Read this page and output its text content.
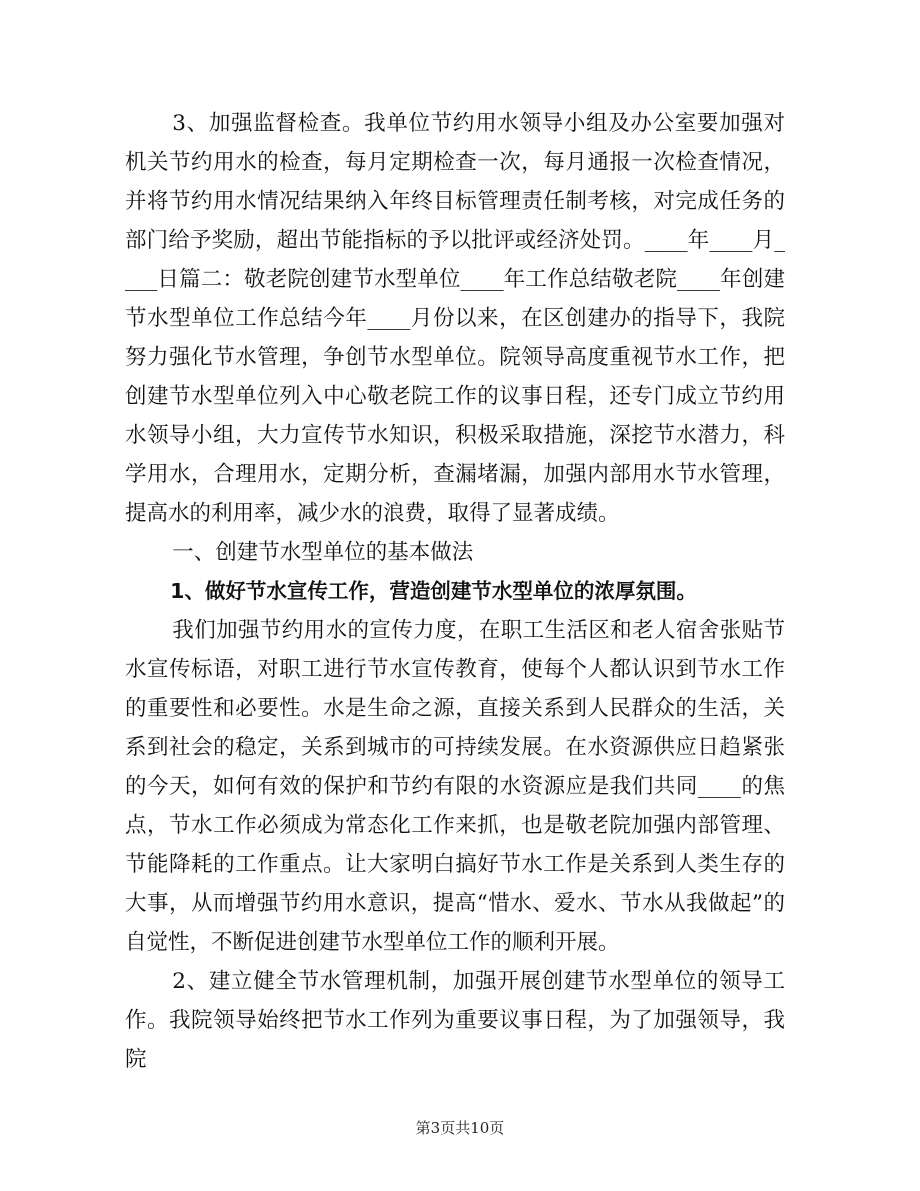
3、加强监督检查。我单位节约用水领导小组及办公室要加强对机关节约用水的检查，每月定期检查一次，每月通报一次检查情况，并将节约用水情况结果纳入年终目标管理责任制考核，对完成任务的部门给予奖励，超出节能指标的予以批评或经济处罚。____年____月____日篇二：敬老院创建节水型单位____年工作总结敬老院____年创建节水型单位工作总结今年____月份以来，在区创建办的指导下，我院努力强化节水管理，争创节水型单位。院领导高度重视节水工作，把创建节水型单位列入中心敬老院工作的议事日程，还专门成立节约用水领导小组，大力宣传节水知识，积极采取措施，深挖节水潜力，科学用水，合理用水，定期分析，查漏堵漏，加强内部用水节水管理，提高水的利用率，减少水的浪费，取得了显著成绩。

一、创建节水型单位的基本做法

1、做好节水宣传工作，营造创建节水型单位的浓厚氛围。

我们加强节约用水的宣传力度，在职工生活区和老人宿舍张贴节水宣传标语，对职工进行节水宣传教育，使每个人都认识到节水工作的重要性和必要性。水是生命之源，直接关系到人民群众的生活，关系到社会的稳定，关系到城市的可持续发展。在水资源供应日趋紧张的今天，如何有效的保护和节约有限的水资源应是我们共同____的焦点，节水工作必须成为常态化工作来抓，也是敬老院加强内部管理、节能降耗的工作重点。让大家明白搞好节水工作是关系到人类生存的大事，从而增强节约用水意识，提高“惜水、爱水、节水从我做起”的自觉性，不断促进创建节水型单位工作的顺利开展。

2、建立健全节水管理机制，加强开展创建节水型单位的领导工作。我院领导始终把节水工作列为重要议事日程，为了加强领导，我院

第3页共10页
